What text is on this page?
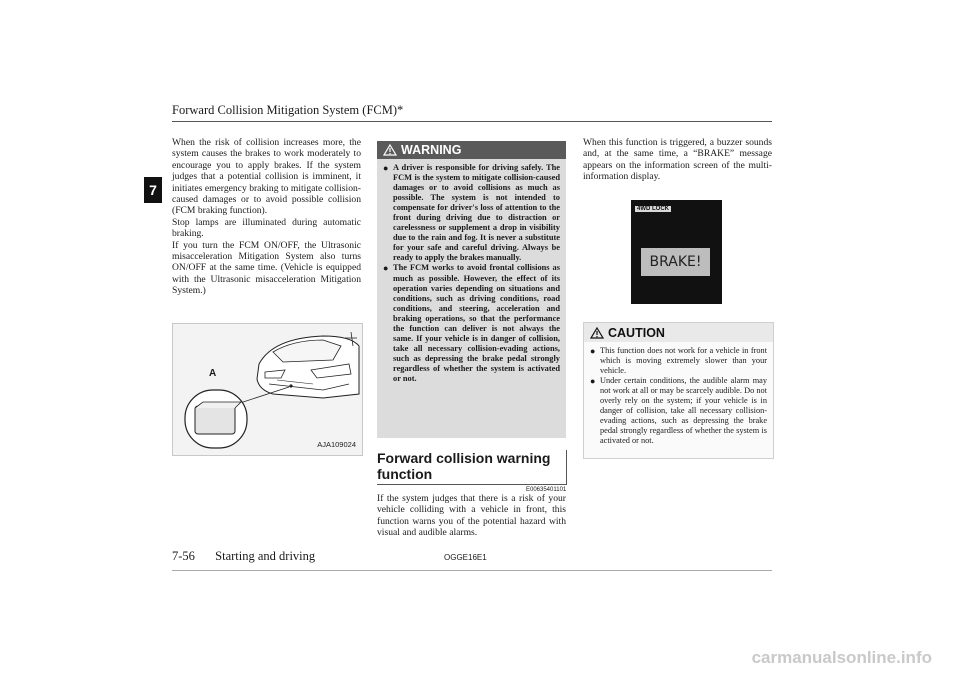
Forward Collision Mitigation System (FCM)*
7

When the risk of collision increases more, the system causes the brakes to work moderately to encourage you to apply brakes. If the system judges that a potential collision is imminent, it initiates emergency braking to mitigate collision-caused damages or to avoid possible collision (FCM braking function).

Stop lamps are illuminated during automatic braking.

If you turn the FCM ON/OFF, the Ultrasonic misacceleration Mitigation System also turns ON/OFF at the same time. (Vehicle is equipped with the Ultrasonic misacceleration Mitigation System.)

A
AJA109024
WARNING
● A driver is responsible for driving safely. The FCM is the system to mitigate collision-caused damages or to avoid collisions as much as possible. The system is not intended to compensate for driver's loss of attention to the front during driving due to distraction or carelessness or supplement a drop in visibility due to the rain and fog. It is never a substitute for your safe and careful driving. Always be ready to apply the brakes manually.
● The FCM works to avoid frontal collisions as much as possible. However, the effect of its operation varies depending on situations and conditions, such as driving conditions, road conditions, and steering, acceleration and braking operations, so that the performance the function can deliver is not always the same. If your vehicle is in danger of collision, take all necessary collision-evading actions, such as depressing the brake pedal strongly regardless of whether the system is activated or not.
Forward collision warning function
E00635401101
If the system judges that there is a risk of your vehicle colliding with a vehicle in front, this function warns you of the potential hazard with visual and audible alarms.
When this function is triggered, a buzzer sounds and, at the same time, a “BRAKE” message appears on the information screen of the multi-information display.
4WD LOCK
BRAKE!
CAUTION
● This function does not work for a vehicle in front which is moving extremely slower than your vehicle.
● Under certain conditions, the audible alarm may not work at all or may be scarcely audible. Do not overly rely on the system; if your vehicle is in danger of collision, take all necessary collision-evading actions, such as depressing the brake pedal strongly regardless of whether the system is activated or not.
7-56 Starting and driving	OGGE16E1
carmanualsonline.info
